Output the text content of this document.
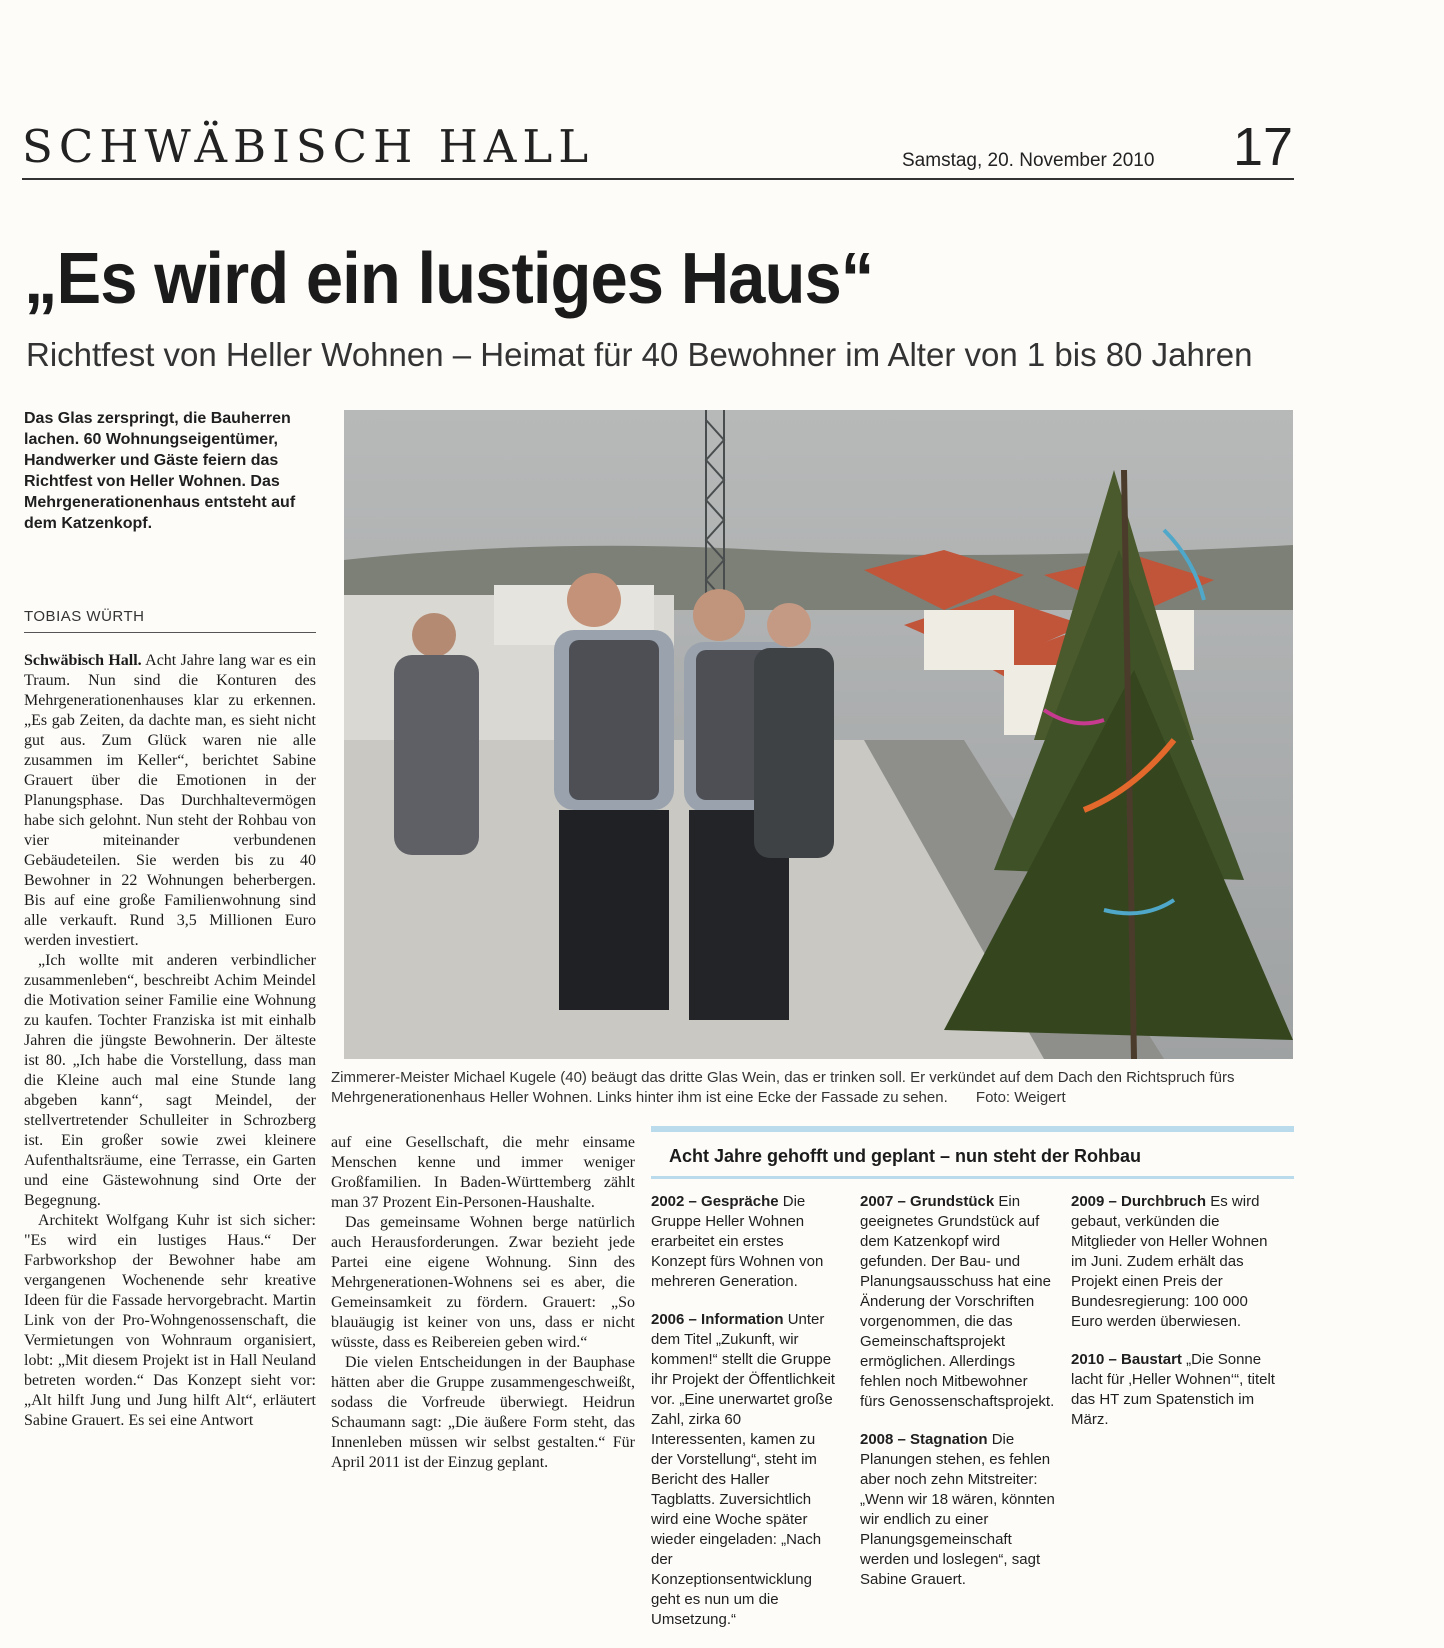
SCHWÄBISCH HALL	Samstag, 20. November 2010 17
„Es wird ein lustiges Haus“
Richtfest von Heller Wohnen – Heimat für 40 Bewohner im Alter von 1 bis 80 Jahren
Das Glas zerspringt, die Bauherren lachen. 60 Wohnungseigentümer, Handwerker und Gäste feiern das Richtfest von Heller Wohnen. Das Mehrgenerationenhaus entsteht auf dem Katzenkopf.
TOBIAS WÜRTH

Schwäbisch Hall. Acht Jahre lang war es ein Traum. Nun sind die Konturen des Mehrgenerationenhauses klar zu erkennen. „Es gab Zeiten, da dachte man, es sieht nicht gut aus. Zum Glück waren nie alle zusammen im Keller“, berichtet Sabine Grauert über die Emotionen in der Planungsphase. Das Durchhaltevermögen habe sich gelohnt. Nun steht der Rohbau von vier miteinander verbundenen Gebäudeteilen. Sie werden bis zu 40 Bewohner in 22 Wohnungen beherbergen. Bis auf eine große Familienwohnung sind alle verkauft. Rund 3,5 Millionen Euro werden investiert.

„Ich wollte mit anderen verbindlicher zusammenleben“, beschreibt Achim Meindel die Motivation seiner Familie eine Wohnung zu kaufen. Tochter Franziska ist mit einhalb Jahren die jüngste Bewohnerin. Der älteste ist 80. „Ich habe die Vorstellung, dass man die Kleine auch mal eine Stunde lang abgeben kann“, sagt Meindel, der stellvertretender Schulleiter in Schrozberg ist. Ein großer sowie zwei kleinere Aufenthaltsräume, eine Terrasse, ein Garten und eine Gästewohnung sind Orte der Begegnung.

Architekt Wolfgang Kuhr ist sich sicher: "Es wird ein lustiges Haus.“ Der Farbworkshop der Bewohner habe am vergangenen Wochenende sehr kreative Ideen für die Fassade hervorgebracht. Martin Link von der Pro-Wohngenossenschaft, die Vermietungen von Wohnraum organisiert, lobt: „Mit diesem Projekt ist in Hall Neuland betreten worden.“ Das Konzept sieht vor: „Alt hilft Jung und Jung hilft Alt“, erläutert Sabine Grauert. Es sei eine Antwort

auf eine Gesellschaft, die mehr einsame Menschen kenne und immer weniger Großfamilien. In Baden-Württemberg zählt man 37 Prozent Ein-Personen-Haushalte.

Das gemeinsame Wohnen berge natürlich auch Herausforderungen. Zwar bezieht jede Partei eine eigene Wohnung. Sinn des Mehrgenerationen-Wohnens sei es aber, die Gemeinsamkeit zu fördern. Grauert: „So blauäugig ist keiner von uns, dass er nicht wüsste, dass es Reibereien geben wird.“

Die vielen Entscheidungen in der Bauphase hätten aber die Gruppe zusammengeschweißt, sodass die Vorfreude überwiegt. Heidrun Schaumann sagt: „Die äußere Form steht, das Innenleben müssen wir selbst gestalten.“ Für April 2011 ist der Einzug geplant.

Zimmerer-Meister Michael Kugele (40) beäugt das dritte Glas Wein, das er trinken soll. Er verkündet auf dem Dach den Richtspruch fürs Mehrgenerationenhaus Heller Wohnen. Links hinter ihm ist eine Ecke der Fassade zu sehen. Foto: Weigert
Acht Jahre gehofft und geplant – nun steht der Rohbau
2002 – Gespräche Die Gruppe Heller Wohnen erarbeitet ein erstes Konzept fürs Wohnen von mehreren Generation.
2006 – Information Unter dem Titel „Zukunft, wir kommen!“ stellt die Gruppe ihr Projekt der Öffentlichkeit vor. „Eine unerwartet große Zahl, zirka 60 Interessenten, kamen zu der Vorstellung“, steht im Bericht des Haller Tagblatts. Zuversichtlich wird eine Woche später wieder eingeladen: „Nach der Konzeptionsentwicklung geht es nun um die Umsetzung.“
2007 – Grundstück Ein geeignetes Grundstück auf dem Katzenkopf wird gefunden. Der Bau- und Planungsausschuss hat eine Änderung der Vorschriften vorgenommen, die das Gemeinschaftsprojekt ermöglichen. Allerdings fehlen noch Mitbewohner fürs Genossenschaftsprojekt.
2008 – Stagnation Die Planungen stehen, es fehlen aber noch zehn Mitstreiter: „Wenn wir 18 wären, könnten wir endlich zu einer Planungsgemeinschaft werden und loslegen“, sagt Sabine Grauert.
2009 – Durchbruch Es wird gebaut, verkünden die Mitglieder von Heller Wohnen im Juni. Zudem erhält das Projekt einen Preis der Bundesregierung: 100 000 Euro werden überwiesen.
2010 – Baustart „Die Sonne lacht für ‚Heller Wohnen‘“, titelt das HT zum Spatenstich im März.
